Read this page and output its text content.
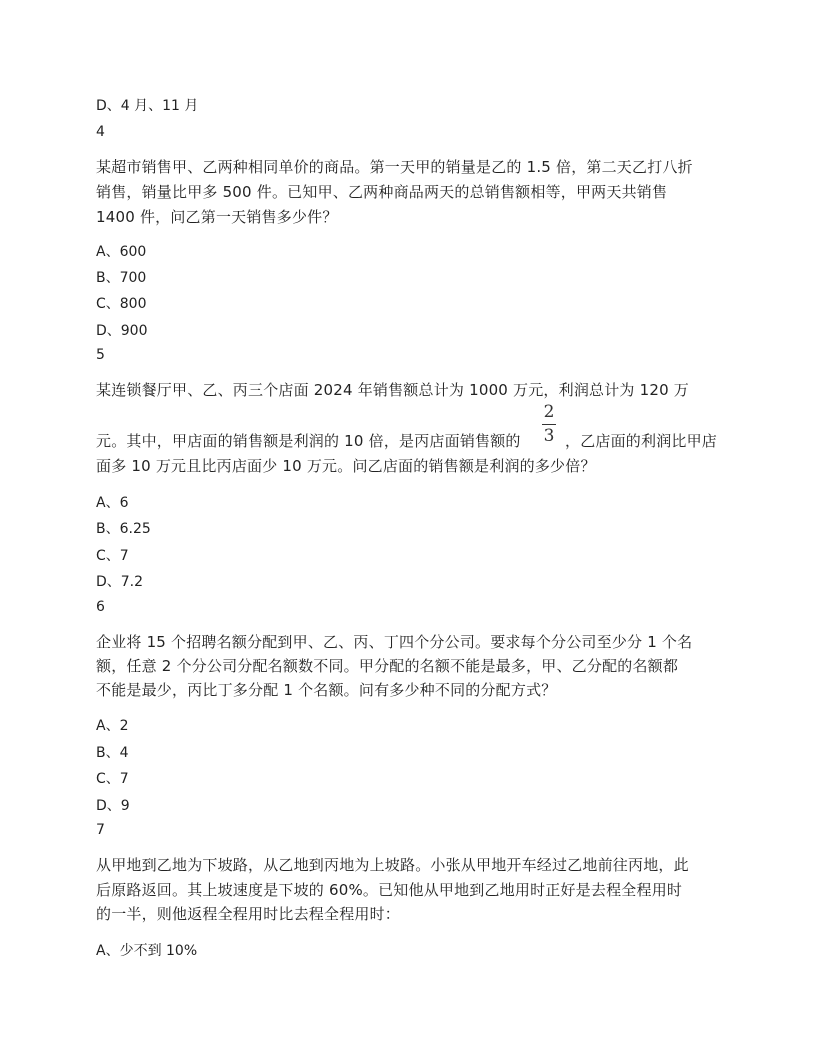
D、4 月、11 月
4
某超市销售甲、乙两种相同单价的商品。第一天甲的销量是乙的 1.5 倍，第二天乙打八折
销售，销量比甲多 500 件。已知甲、乙两种商品两天的总销售额相等，甲两天共销售
1400 件，问乙第一天销售多少件？
A、600
B、700
C、800
D、900
5
某连锁餐厅甲、乙、丙三个店面 2024 年销售额总计为 1000 万元，利润总计为 120 万
元。其中，甲店面的销售额是利润的 10 倍，是丙店面销售额的
2
3 ，乙店面的利润比甲店
面多 10 万元且比丙店面少 10 万元。问乙店面的销售额是利润的多少倍？
A、6
B、6.25
C、7
D、7.2
6
企业将 15 个招聘名额分配到甲、乙、丙、丁四个分公司。要求每个分公司至少分 1 个名
额，任意 2 个分公司分配名额数不同。甲分配的名额不能是最多，甲、乙分配的名额都
不能是最少，丙比丁多分配 1 个名额。问有多少种不同的分配方式？
A、2
B、4
C、7
D、9
7
从甲地到乙地为下坡路，从乙地到丙地为上坡路。小张从甲地开车经过乙地前往丙地，此
后原路返回。其上坡速度是下坡的 60%。已知他从甲地到乙地用时正好是去程全程用时
的一半，则他返程全程用时比去程全程用时：
A、少不到 10%
